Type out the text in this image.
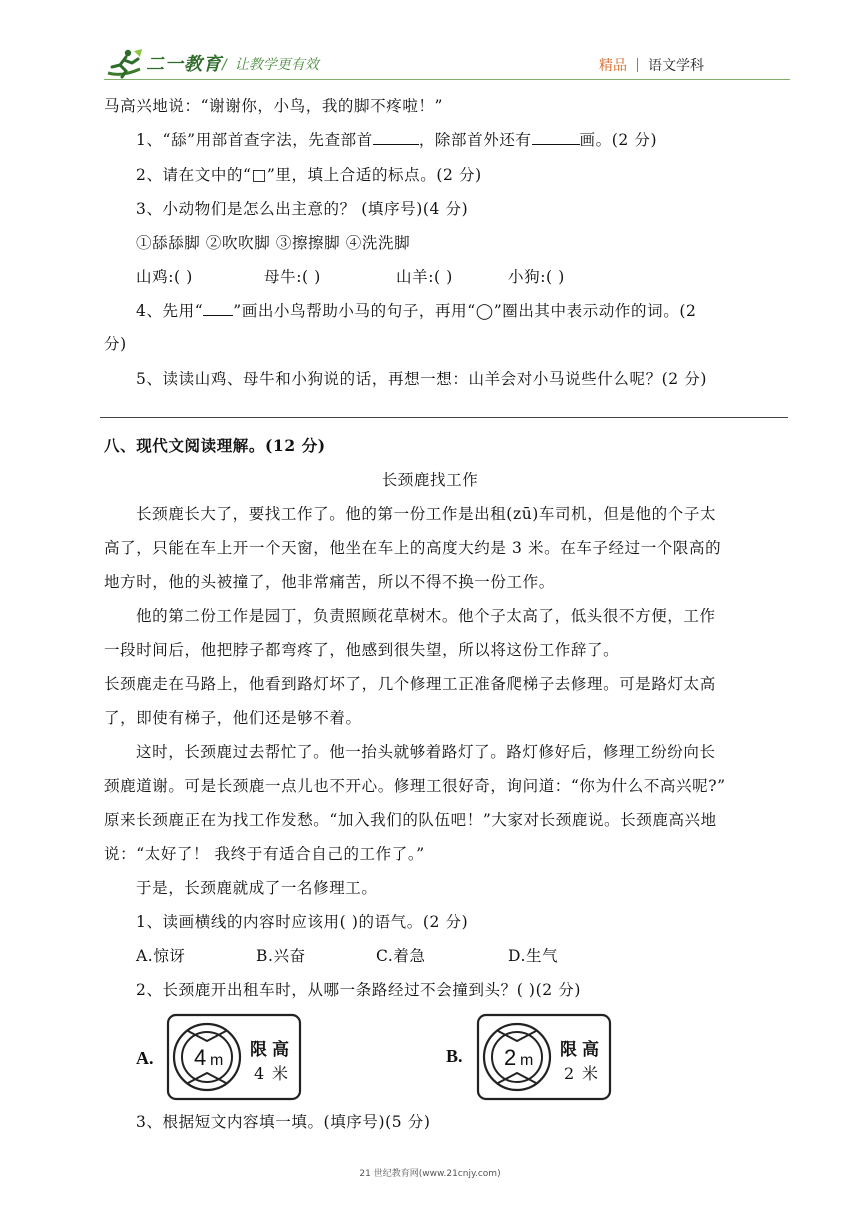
二一教育 / 让教学更有效	精品 语文学科
马高兴地说：“谢谢你，小鸟，我的脚不疼啦！”
1、“舔”用部首查字法，先查部首	，除部首外还有	画。(2 分)
2、请在文中的“□”里，填上合适的标点。(2 分)
3、小动物们是怎么出主意的？ (填序号)(4 分)
①舔舔脚 ②吹吹脚 ③擦擦脚 ④洗洗脚
山鸡:( )	母牛:( )	山羊:( )	小狗:( )
4、先用“ ”画出小鸟帮助小马的句子，再用“◯”圈出其中表示动作的词。(2
分)
5、读读山鸡、母牛和小狗说的话，再想一想：山羊会对小马说些什么呢？(2 分)
八、现代文阅读理解。(12 分)
长颈鹿找工作
长颈鹿长大了，要找工作了。他的第一份工作是出租(zū)车司机，但是他的个子太
高了，只能在车上开一个天窗，他坐在车上的高度大约是 3 米。在车子经过一个限高的
地方时，他的头被撞了，他非常痛苦，所以不得不换一份工作。
他的第二份工作是园丁，负责照顾花草树木。他个子太高了，低头很不方便，工作
一段时间后，他把脖子都弯疼了，他感到很失望，所以将这份工作辞了。
长颈鹿走在马路上，他看到路灯坏了，几个修理工正准备爬梯子去修理。可是路灯太高
了，即使有梯子，他们还是够不着。
这时，长颈鹿过去帮忙了。他一抬头就够着路灯了。路灯修好后，修理工纷纷向长
颈鹿道谢。可是长颈鹿一点儿也不开心。修理工很好奇，询问道：“你为什么不高兴呢?”
原来长颈鹿正在为找工作发愁。“加入我们的队伍吧！”大家对长颈鹿说。长颈鹿高兴地
说：“太好了！ 我终于有适合自己的工作了。”
于是，长颈鹿就成了一名修理工。
1、读画横线的内容时应该用( )的语气。(2 分)
A.惊讶	B.兴奋	C.着急	D.生气
2、长颈鹿开出租车时，从哪一条路经过不会撞到头？( )(2 分)
A. 4 m
限 高
4 米
B. 2 m
限 高
2 米
3、根据短文内容填一填。(填序号)(5 分)
21 世纪教育网(www.21cnjy.com)
